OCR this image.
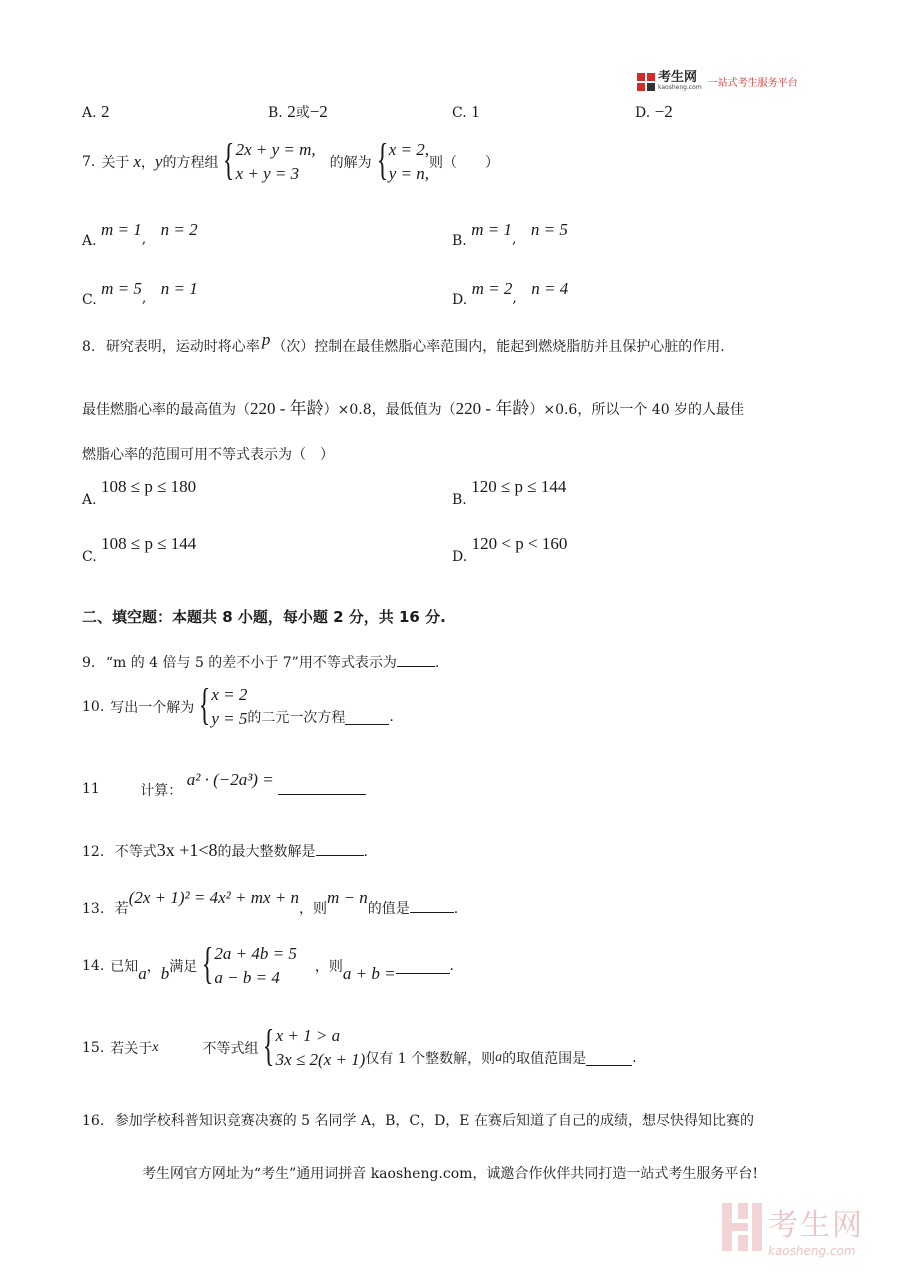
考生网
kaosheng.com 一站式考生服务平台
A. 2	B. 2或−2	C. 1	D. −2
7. 关于 x ， y 的方程组 { 2x + y = m,
x + y = 3
的解为 { x = 2,
y = n,
则（　　）
A. m = 1, n = 2
B. m = 1, n = 5
C. m = 5, n = 1
D. m = 2, n = 4
8. 研究表明，运动时将心率 p （次）控制在最佳燃脂心率范围内，能起到燃烧脂肪并且保护心脏的作用.
最佳燃脂心率的最高值为（220 - 年龄）×0.8，最低值为（220 - 年龄）×0.6，所以一个 40 岁的人最佳
燃脂心率的范围可用不等式表示为（　）
A. 108 ≤ p ≤ 180
B. 120 ≤ p ≤ 144
C. 108 ≤ p ≤ 144
D. 120 < p < 160
二、填空题：本题共 8 小题，每小题 2 分，共 16 分.
9. “m 的 4 倍与 5 的差不小于 7”用不等式表示为	.
10. 写出一个解为 { x = 2
y = 5 的二元一次方程	.
11	计算： a² · (−2a³) =
12. 不等式3x +1<8的最大整数解是	.
13. 若(2x + 1)² = 4x² + mx + n，则m − n的值是	.
14. 已知 a ， b 满足 { 2a + 4b = 5
a − b = 4
，则 a + b =	.
15. 若关于 x	不等式组 { x + 1 > a
3x ≤ 2(x + 1) 仅有 1 个整数解，则 a 的取值范围是	.
16. 参加学校科普知识竞赛决赛的 5 名同学 A，B，C，D，E 在赛后知道了自己的成绩，想尽快得知比赛的
考生网官方网址为“考生”通用词拼音 kaosheng.com，诚邀合作伙伴共同打造一站式考生服务平台!
考生网
kaosheng.com
